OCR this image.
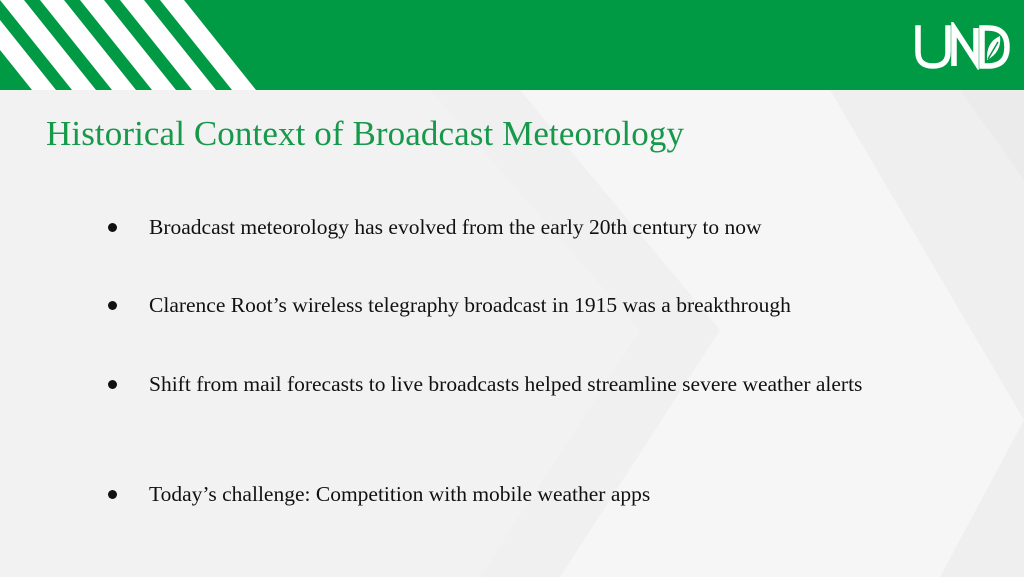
Historical Context of Broadcast Meteorology
Broadcast meteorology has evolved from the early 20th century to now
Clarence Root’s wireless telegraphy broadcast in 1915 was a breakthrough
Shift from mail forecasts to live broadcasts helped streamline severe weather alerts
Today’s challenge: Competition with mobile weather apps
